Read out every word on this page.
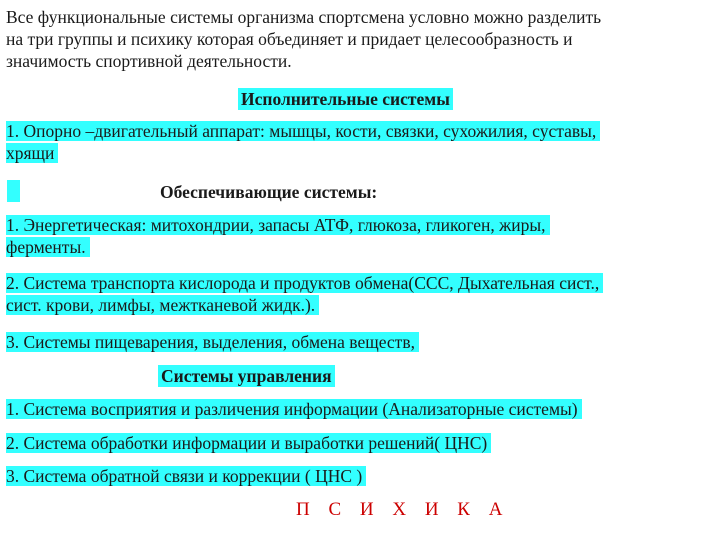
Все функциональные системы организма спортсмена условно можно разделить
на три группы и психику которая объединяет и придает целесообразность и
значимость спортивной деятельности.
Исполнительные системы
1. Опорно –двигательный аппарат: мышцы, кости, связки, сухожилия, суставы,
хрящи
Обеспечивающие системы:
1. Энергетическая: митохондрии, запасы АТФ, глюкоза, гликоген, жиры,
ферменты.
2. Система транспорта кислорода и продуктов обмена(ССС, Дыхательная сист.,
сист. крови, лимфы, межтканевой жидк.).
3. Системы пищеварения, выделения, обмена веществ,
Системы управления
1. Система восприятия и различения информации (Анализаторные системы)
2. Система обработки информации и выработки решений( ЦНС)
3. Система обратной связи и коррекции ( ЦНС )
П С И Х И К А
